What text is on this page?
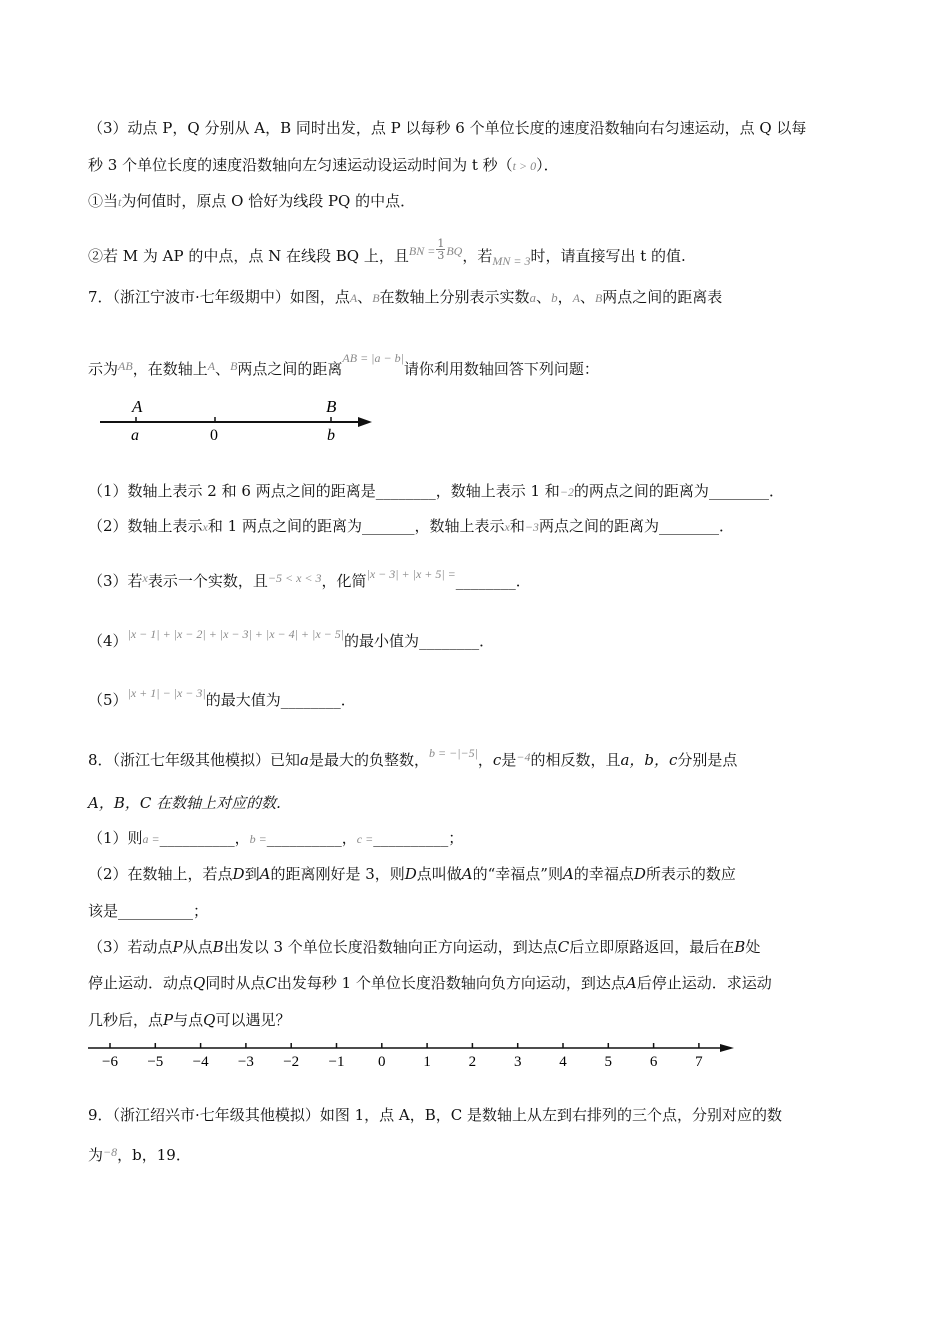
（3）动点 P，Q 分别从 A，B 同时出发，点 P 以每秒 6 个单位长度的速度沿数轴向右匀速运动，点 Q 以每
秒 3 个单位长度的速度沿数轴向左匀速运动设运动时间为 t 秒（t > 0）．
①当t为何值时，原点 O 恰好为线段 PQ 的中点．
②若 M 为 AP 的中点，点 N 在线段 BQ 上，且$^{BN =} \frac{1}{3} ^{BQ}$，若$_{MN = 3}$时，请直接写出 t 的值.
7．（浙江宁波市·七年级期中）如图，点A、B在数轴上分别表示实数a、b，A、B两点之间的距离表
示为$^{AB}$，在数轴上$^A$、$^B$两点之间的距离$^{AB = |a - b|}$请你利用数轴回答下列问题：
A	B
a	0	b
（1）数轴上表示 2 和 6 两点之间的距离是________，数轴上表示 1 和−2的两点之间的距离为________．
（2）数轴上表示x和 1 两点之间的距离为_______，数轴上表示x和−3两点之间的距离为________．
（3）若$^x$表示一个实数，且$^{-5 < x < 3}$，化简$^{|x - 3| + |x + 5| =}$________．
$(4)^{|x - 1| + |x - 2| + |x - 3| + |x - 4| + |x - 5|}$的最小值为________．
$(5)^{|x + 1| - |x - 3|}$的最大值为________．
8．（浙江七年级其他模拟）已知a是最大的负整数，$^{b = -|-5|}$，c是$^{-4}$的相反数，且a，b，c分别是点
A，B，C 在数轴上对应的数.
（1）则a =__________，b =__________，c =__________；
（2）在数轴上，若点D到A的距离刚好是 3，则D点叫做A的“幸福点”则A的幸福点D所表示的数应
该是__________；
（3）若动点P从点B出发以 3 个单位长度沿数轴向正方向运动，到达点C后立即原路返回，最后在B处
停止运动．动点Q同时从点C出发每秒 1 个单位长度沿数轴向负方向运动，到达点A后停止运动．求运动
几秒后，点P与点Q可以遇见？
−6 −5 −4 −3 −2 −1 0	1	2	3	4	5	6	7
9．（浙江绍兴市·七年级其他模拟）如图 1，点 A，B，C 是数轴上从左到右排列的三个点，分别对应的数
为$^{-8}$，b，19．
